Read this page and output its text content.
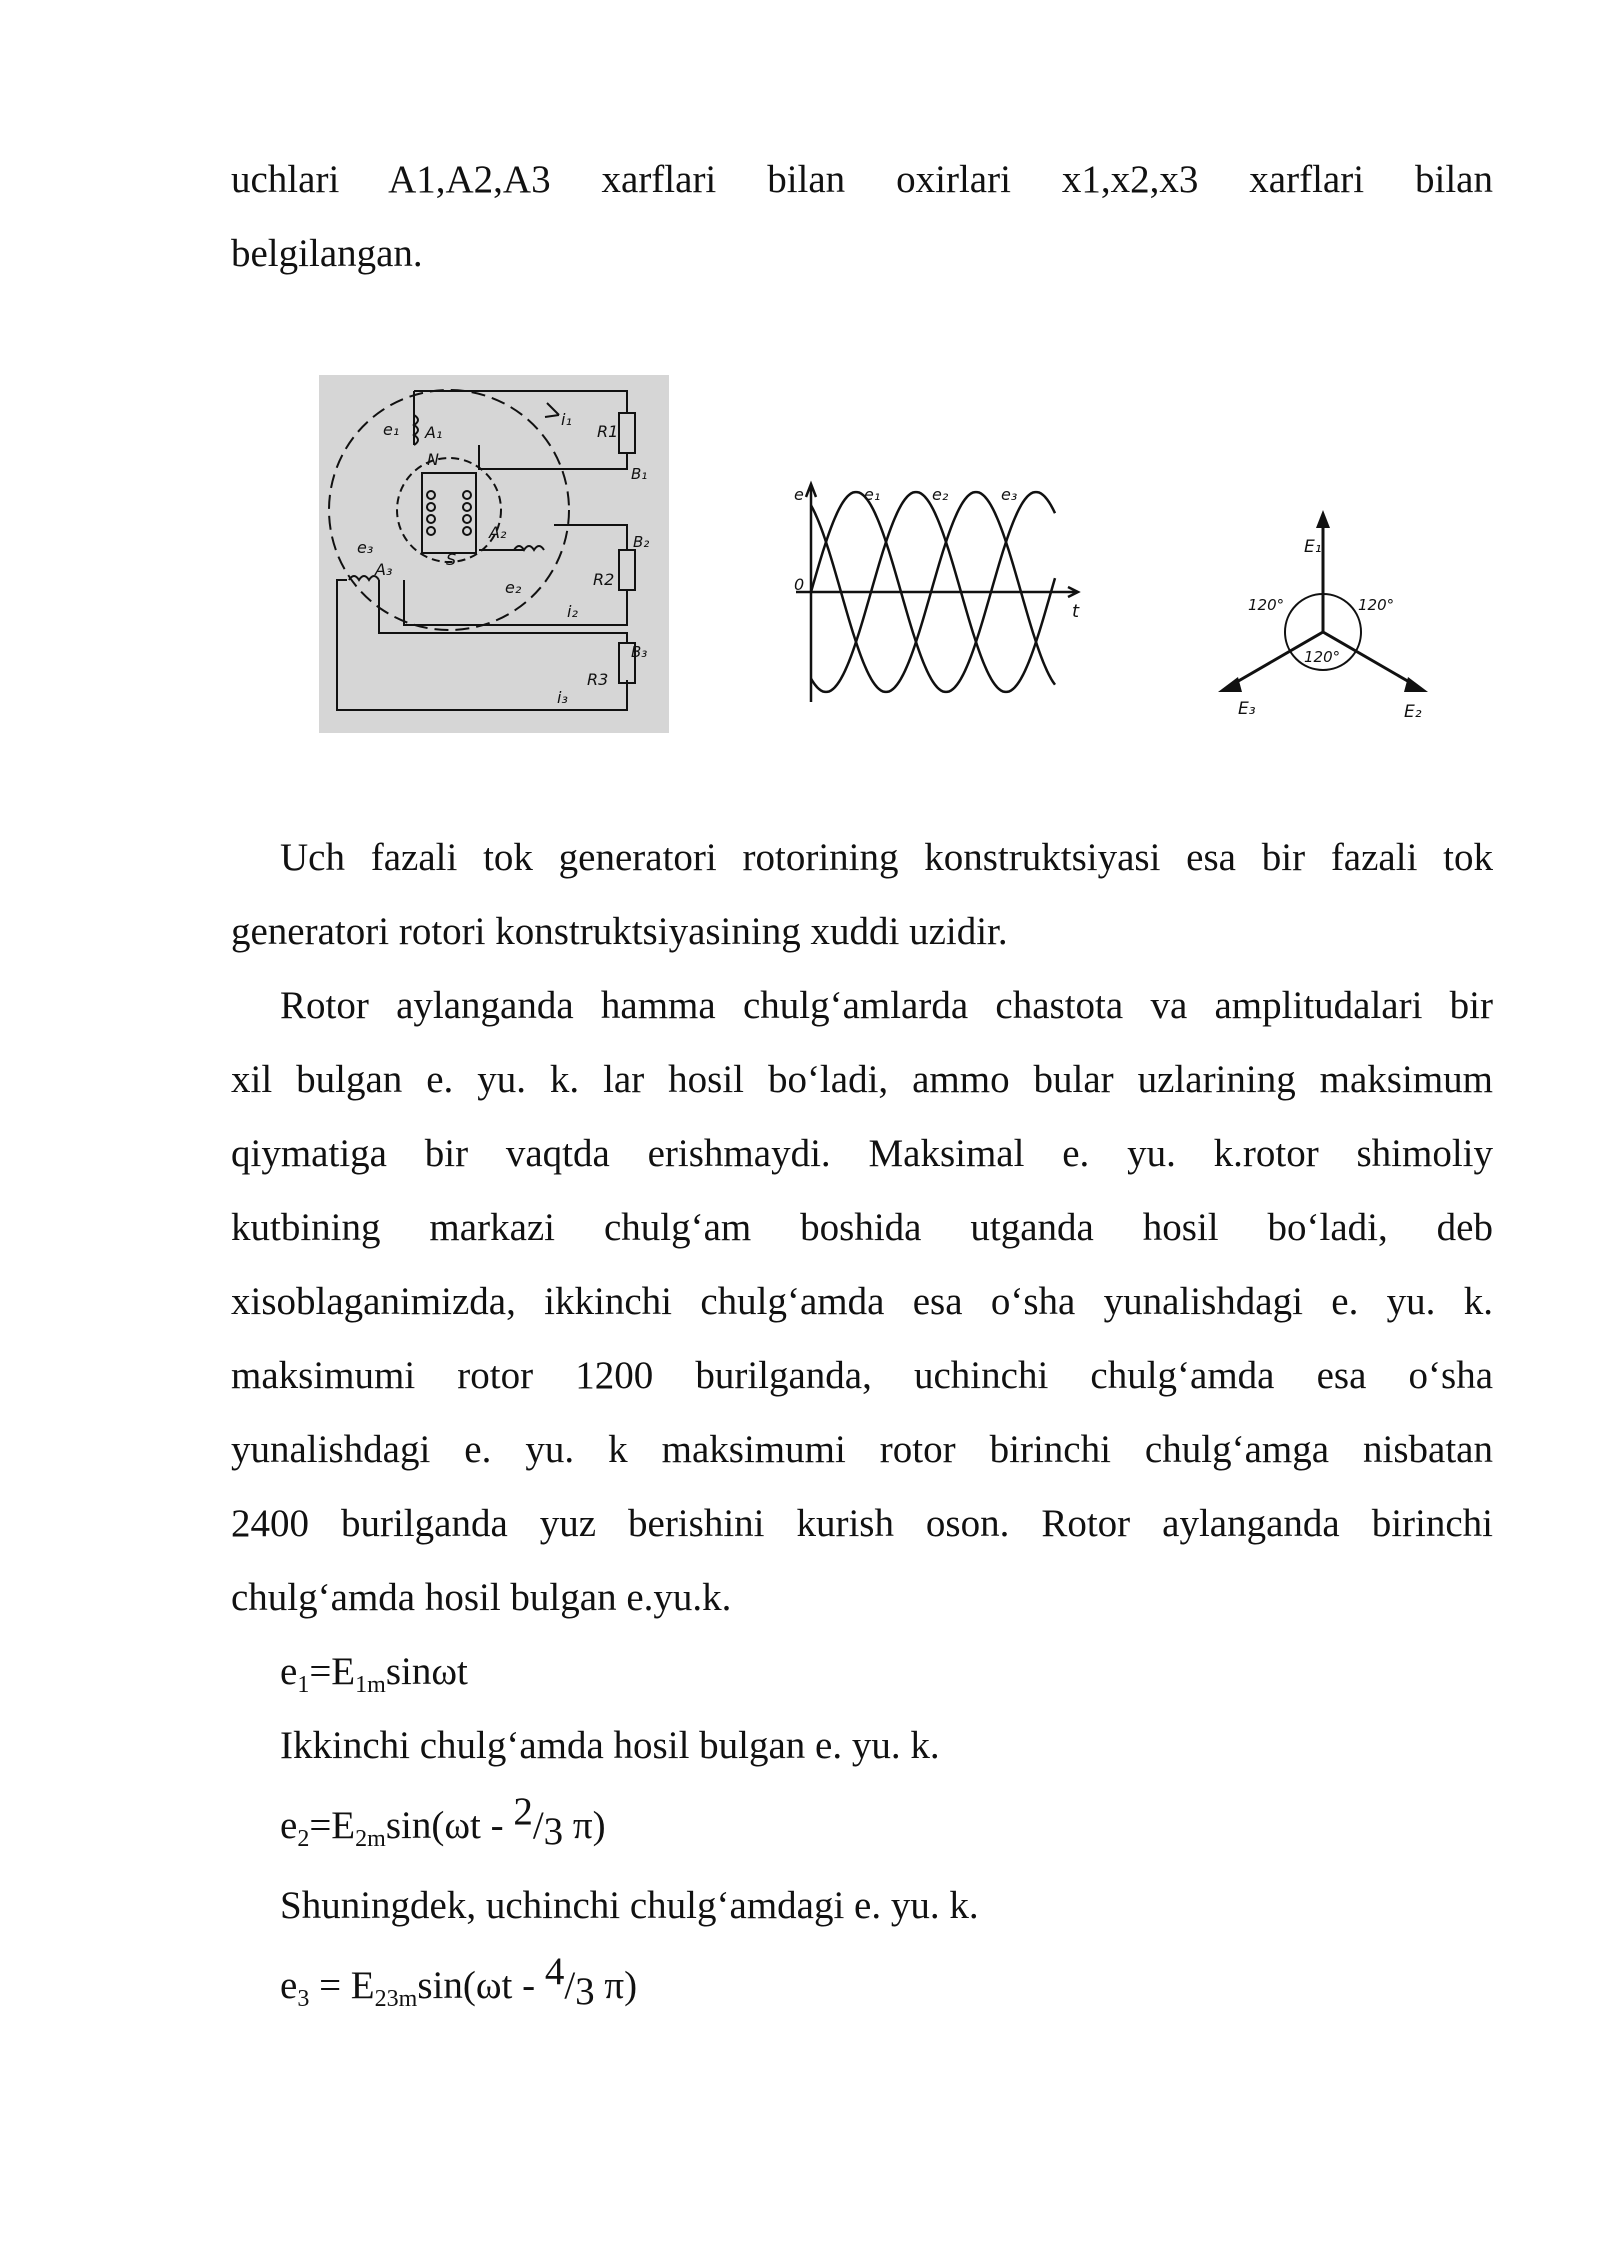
uchlari A1,A2,A3 xarflari bilan oxirlari x1,x2,x3 xarflari bilan
belgilangan.
N
S
A₁
A₂
A₃
e₁
e₂
e₃
i₁
i₂
i₃
R1
R2
R3
B₁
B₂
B₃
e
0
t
e₁	e₂	e₃
E₁
E₂
E₃
120°	120°
120°
Uch fazali tok generatori rotorining konstruktsiyasi esa bir fazali tok
generatori rotori konstruktsiyasining xuddi uzidir.
Rotor aylanganda hamma chulg‘amlarda chastota va amplitudalari bir
xil bulgan e. yu. k. lar hosil bo‘ladi, ammo bular uzlarining maksimum
qiymatiga bir vaqtda erishmaydi. Maksimal e. yu. k.rotor shimoliy
kutbining markazi chulg‘am boshida utganda hosil bo‘ladi, deb
xisoblaganimizda, ikkinchi chulg‘amda esa o‘sha yunalishdagi e. yu. k.
maksimumi rotor 1200 burilganda, uchinchi chulg‘amda esa o‘sha
yunalishdagi e. yu. k maksimumi rotor birinchi chulg‘amga nisbatan
2400 burilganda yuz berishini kurish oson. Rotor aylanganda birinchi
chulg‘amda hosil bulgan e.yu.k.
$e_1=E_{1m}\sin\omega t$
Ikkinchi chulg‘amda hosil bulgan e. yu. k.
$e_2=E_{2m}\sin(\omega t - 2/3$ π)
Shuningdek, uchinchi chulg‘amdagi e. yu. k.
$e_3 = E_{23m}\sin(\omega t - 4/3$ π)
